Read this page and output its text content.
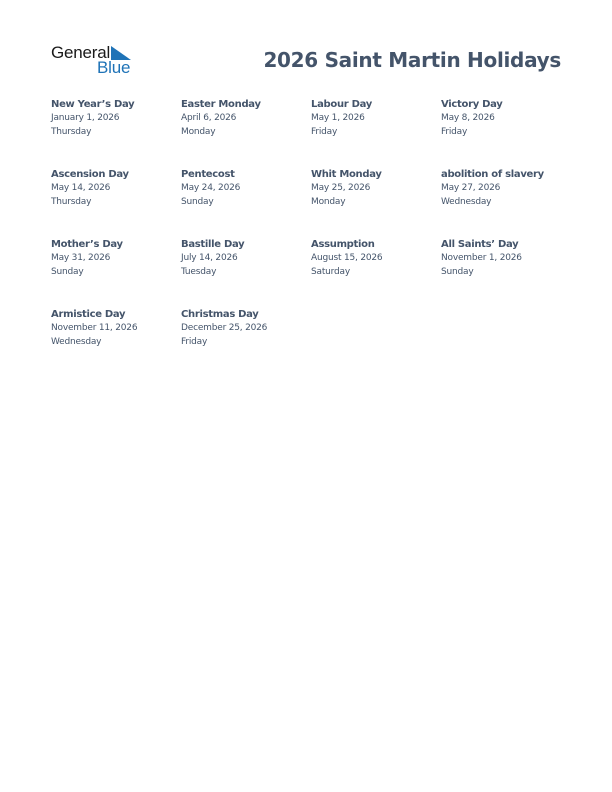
General
Blue	2026 Saint Martin Holidays
New Year’s Day
January 1, 2026
Thursday
Easter Monday
April 6, 2026
Monday
Labour Day
May 1, 2026
Friday
Victory Day
May 8, 2026
Friday
Ascension Day
May 14, 2026
Thursday
Pentecost
May 24, 2026
Sunday
Whit Monday
May 25, 2026
Monday
abolition of slavery
May 27, 2026
Wednesday
Mother’s Day
May 31, 2026
Sunday
Bastille Day
July 14, 2026
Tuesday
Assumption
August 15, 2026
Saturday
All Saints’ Day
November 1, 2026
Sunday
Armistice Day
November 11, 2026
Wednesday
Christmas Day
December 25, 2026
Friday
